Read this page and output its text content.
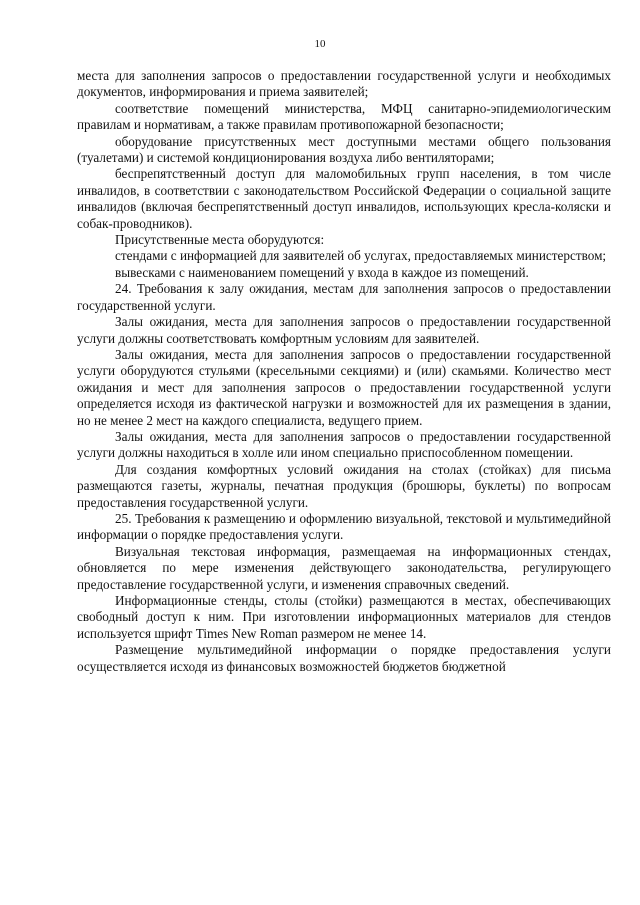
10

места для заполнения запросов о предоставлении государственной услуги и необходимых документов, информирования и приема заявителей;

соответствие помещений министерства, МФЦ санитарно-эпидемиологическим правилам и нормативам, а также правилам противопожарной безопасности;

оборудование присутственных мест доступными местами общего пользования (туалетами) и системой кондиционирования воздуха либо вентиляторами;

беспрепятственный доступ для маломобильных групп населения, в том числе инвалидов, в соответствии с законодательством Российской Федерации о социальной защите инвалидов (включая беспрепятственный доступ инвалидов, использующих кресла-коляски и собак-проводников).

Присутственные места оборудуются:

стендами с информацией для заявителей об услугах, предоставляемых министерством;

вывесками с наименованием помещений у входа в каждое из помещений.

24. Требования к залу ожидания, местам для заполнения запросов о предоставлении государственной услуги.

Залы ожидания, места для заполнения запросов о предоставлении государственной услуги должны соответствовать комфортным условиям для заявителей.

Залы ожидания, места для заполнения запросов о предоставлении государственной услуги оборудуются стульями (кресельными секциями) и (или) скамьями. Количество мест ожидания и мест для заполнения запросов о предоставлении государственной услуги определяется исходя из фактической нагрузки и возможностей для их размещения в здании, но не менее 2 мест на каждого специалиста, ведущего прием.

Залы ожидания, места для заполнения запросов о предоставлении государственной услуги должны находиться в холле или ином специально приспособленном помещении.

Для создания комфортных условий ожидания на столах (стойках) для письма размещаются газеты, журналы, печатная продукция (брошюры, буклеты) по вопросам предоставления государственной услуги.

25. Требования к размещению и оформлению визуальной, текстовой и мультимедийной информации о порядке предоставления услуги.

Визуальная текстовая информация, размещаемая на информационных стендах, обновляется по мере изменения действующего законодательства, регулирующего предоставление государственной услуги, и изменения справочных сведений.

Информационные стенды, столы (стойки) размещаются в местах, обеспечивающих свободный доступ к ним. При изготовлении информационных материалов для стендов используется шрифт Times New Roman размером не менее 14.

Размещение мультимедийной информации о порядке предоставления услуги осуществляется исходя из финансовых возможностей бюджетов бюджетной
